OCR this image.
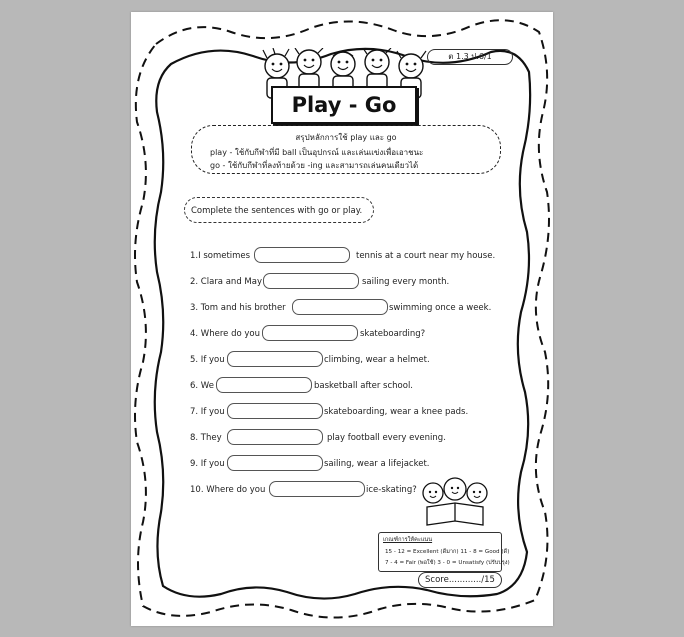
ต 1.3 ป.6/1
Play - Go
สรุปหลักการใช้ play และ go
play - ใช้กับกีฬาที่มี ball เป็นอุปกรณ์ และเล่นแข่งเพื่อเอาชนะ
go - ใช้กับกีฬาที่ลงท้ายด้วย -ing และสามารถเล่นคนเดียวได้
Complete the sentences with go or play.
1.I sometimes	tennis at a court near my house.
2. Clara and May	sailing every month.
3. Tom and his brother	swimming once a week.
4. Where do you	skateboarding?
5. If you	climbing, wear a helmet.
6. We	basketball after school.
7. If you	skateboarding, wear a knee pads.
8. They	play football every evening.
9. If you	sailing, wear a lifejacket.
10. Where do you	ice-skating?
เกณฑ์การให้คะแนน
15 - 12 = Excellent (ดีมาก) 11 - 8 = Good (ดี)
7 - 4 = Fair (พอใช้) 3 - 0 = Unsatisfy (ปรับปรุง)
Score............/15
